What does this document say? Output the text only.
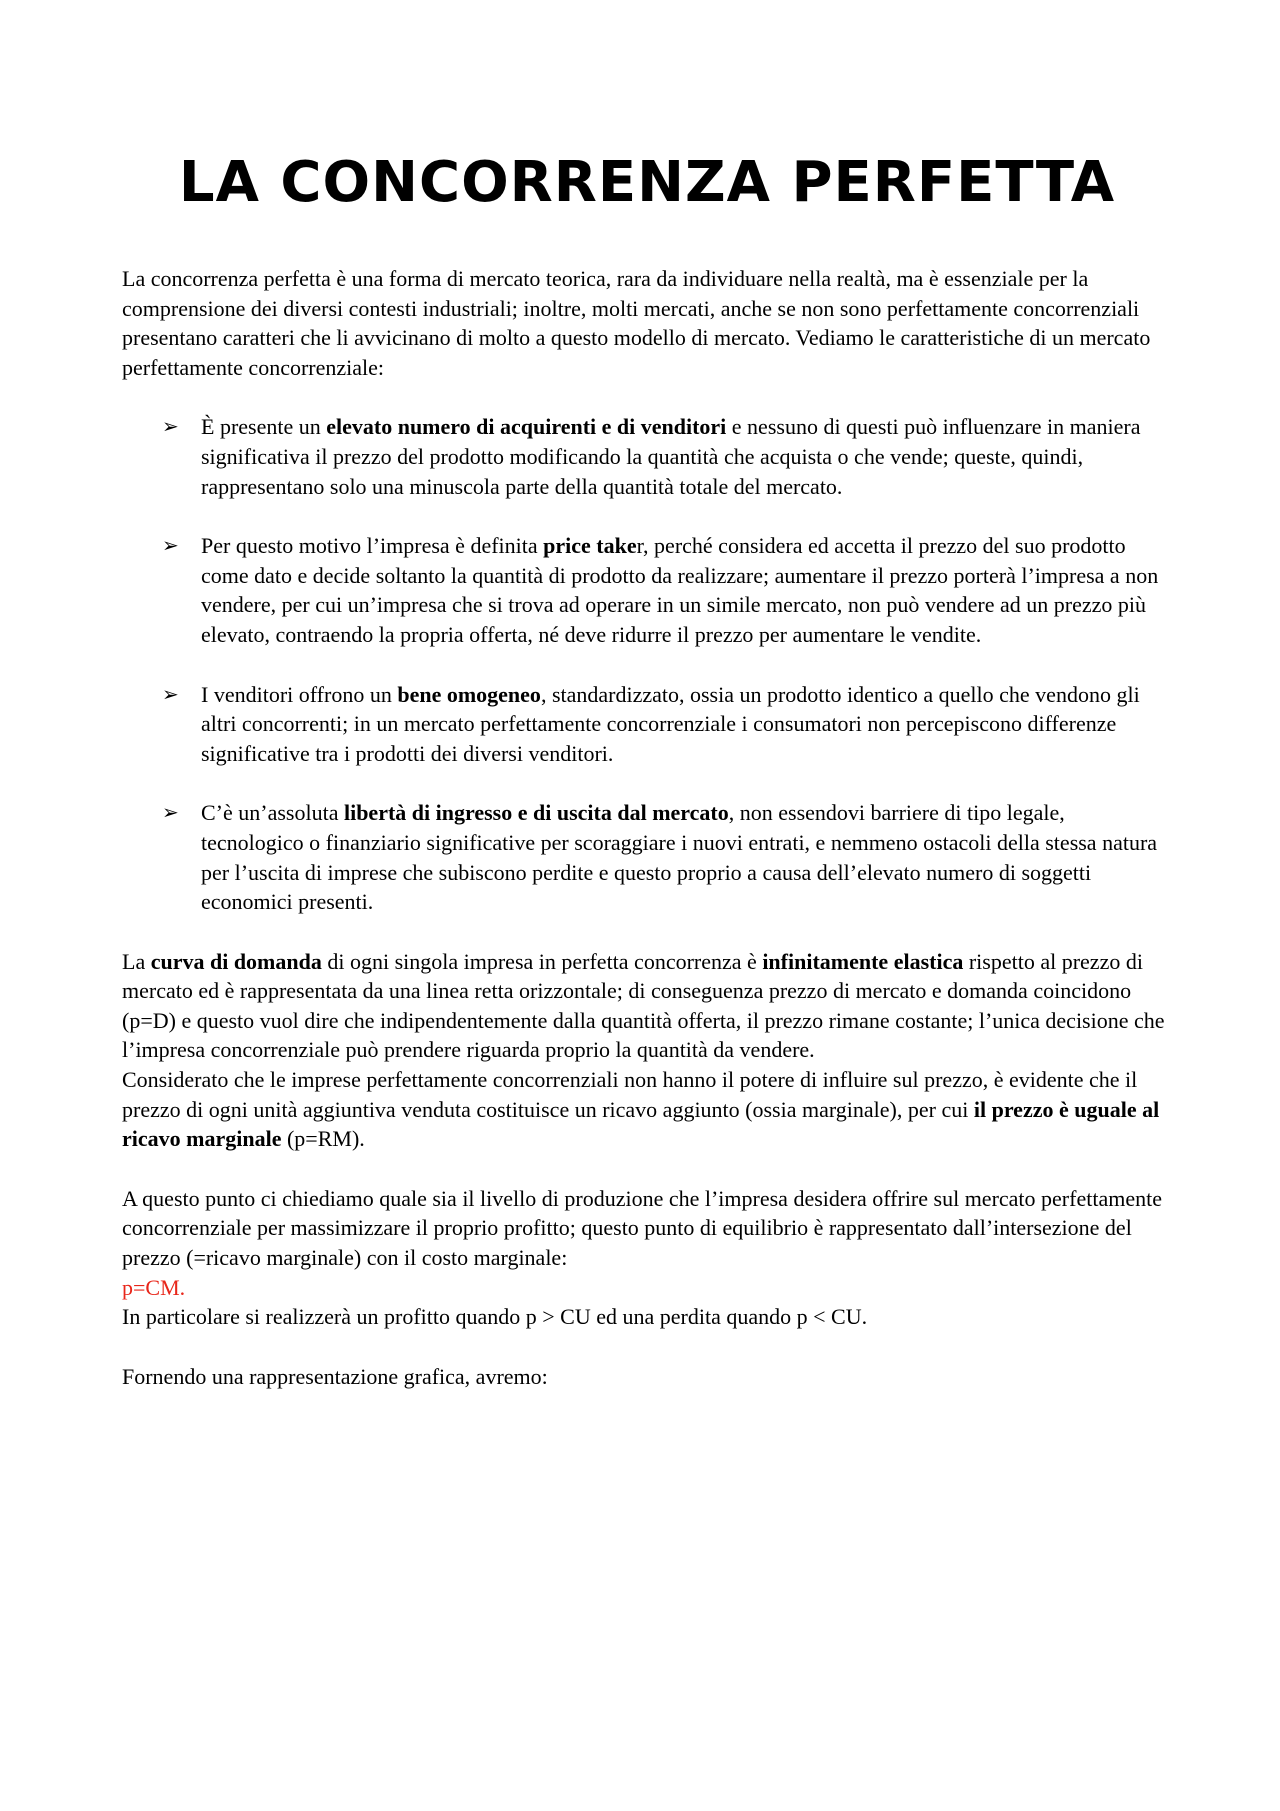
LA CONCORRENZA PERFETTA

La concorrenza perfetta è una forma di mercato teorica, rara da individuare nella realtà, ma è essenziale per la comprensione dei diversi contesti industriali; inoltre, molti mercati, anche se non sono perfettamente concorrenziali presentano caratteri che li avvicinano di molto a questo modello di mercato. Vediamo le caratteristiche di un mercato perfettamente concorrenziale:

➢ È presente un elevato numero di acquirenti e di venditori e nessuno di questi può influenzare in maniera significativa il prezzo del prodotto modificando la quantità che acquista o che vende; queste, quindi, rappresentano solo una minuscola parte della quantità totale del mercato.
➢ Per questo motivo l’impresa è definita price taker, perché considera ed accetta il prezzo del suo prodotto come dato e decide soltanto la quantità di prodotto da realizzare; aumentare il prezzo porterà l’impresa a non vendere, per cui un’impresa che si trova ad operare in un simile mercato, non può vendere ad un prezzo più elevato, contraendo la propria offerta, né deve ridurre il prezzo per aumentare le vendite.
➢ I venditori offrono un bene omogeneo, standardizzato, ossia un prodotto identico a quello che vendono gli altri concorrenti; in un mercato perfettamente concorrenziale i consumatori non percepiscono differenze significative tra i prodotti dei diversi venditori.
➢ C’è un’assoluta libertà di ingresso e di uscita dal mercato, non essendovi barriere di tipo legale, tecnologico o finanziario significative per scoraggiare i nuovi entrati, e nemmeno ostacoli della stessa natura per l’uscita di imprese che subiscono perdite e questo proprio a causa dell’elevato numero di soggetti economici presenti.

La curva di domanda di ogni singola impresa in perfetta concorrenza è infinitamente elastica rispetto al prezzo di mercato ed è rappresentata da una linea retta orizzontale; di conseguenza prezzo di mercato e domanda coincidono (p=D) e questo vuol dire che indipendentemente dalla quantità offerta, il prezzo rimane costante; l’unica decisione che l’impresa concorrenziale può prendere riguarda proprio la quantità da vendere.

Considerato che le imprese perfettamente concorrenziali non hanno il potere di influire sul prezzo, è evidente che il prezzo di ogni unità aggiuntiva venduta costituisce un ricavo aggiunto (ossia marginale), per cui il prezzo è uguale al ricavo marginale (p=RM).

A questo punto ci chiediamo quale sia il livello di produzione che l’impresa desidera offrire sul mercato perfettamente concorrenziale per massimizzare il proprio profitto; questo punto di equilibrio è rappresentato dall’intersezione del prezzo (=ricavo marginale) con il costo marginale:
p=CM.

In particolare si realizzerà un profitto quando p > CU ed una perdita quando p < CU.

Fornendo una rappresentazione grafica, avremo:
